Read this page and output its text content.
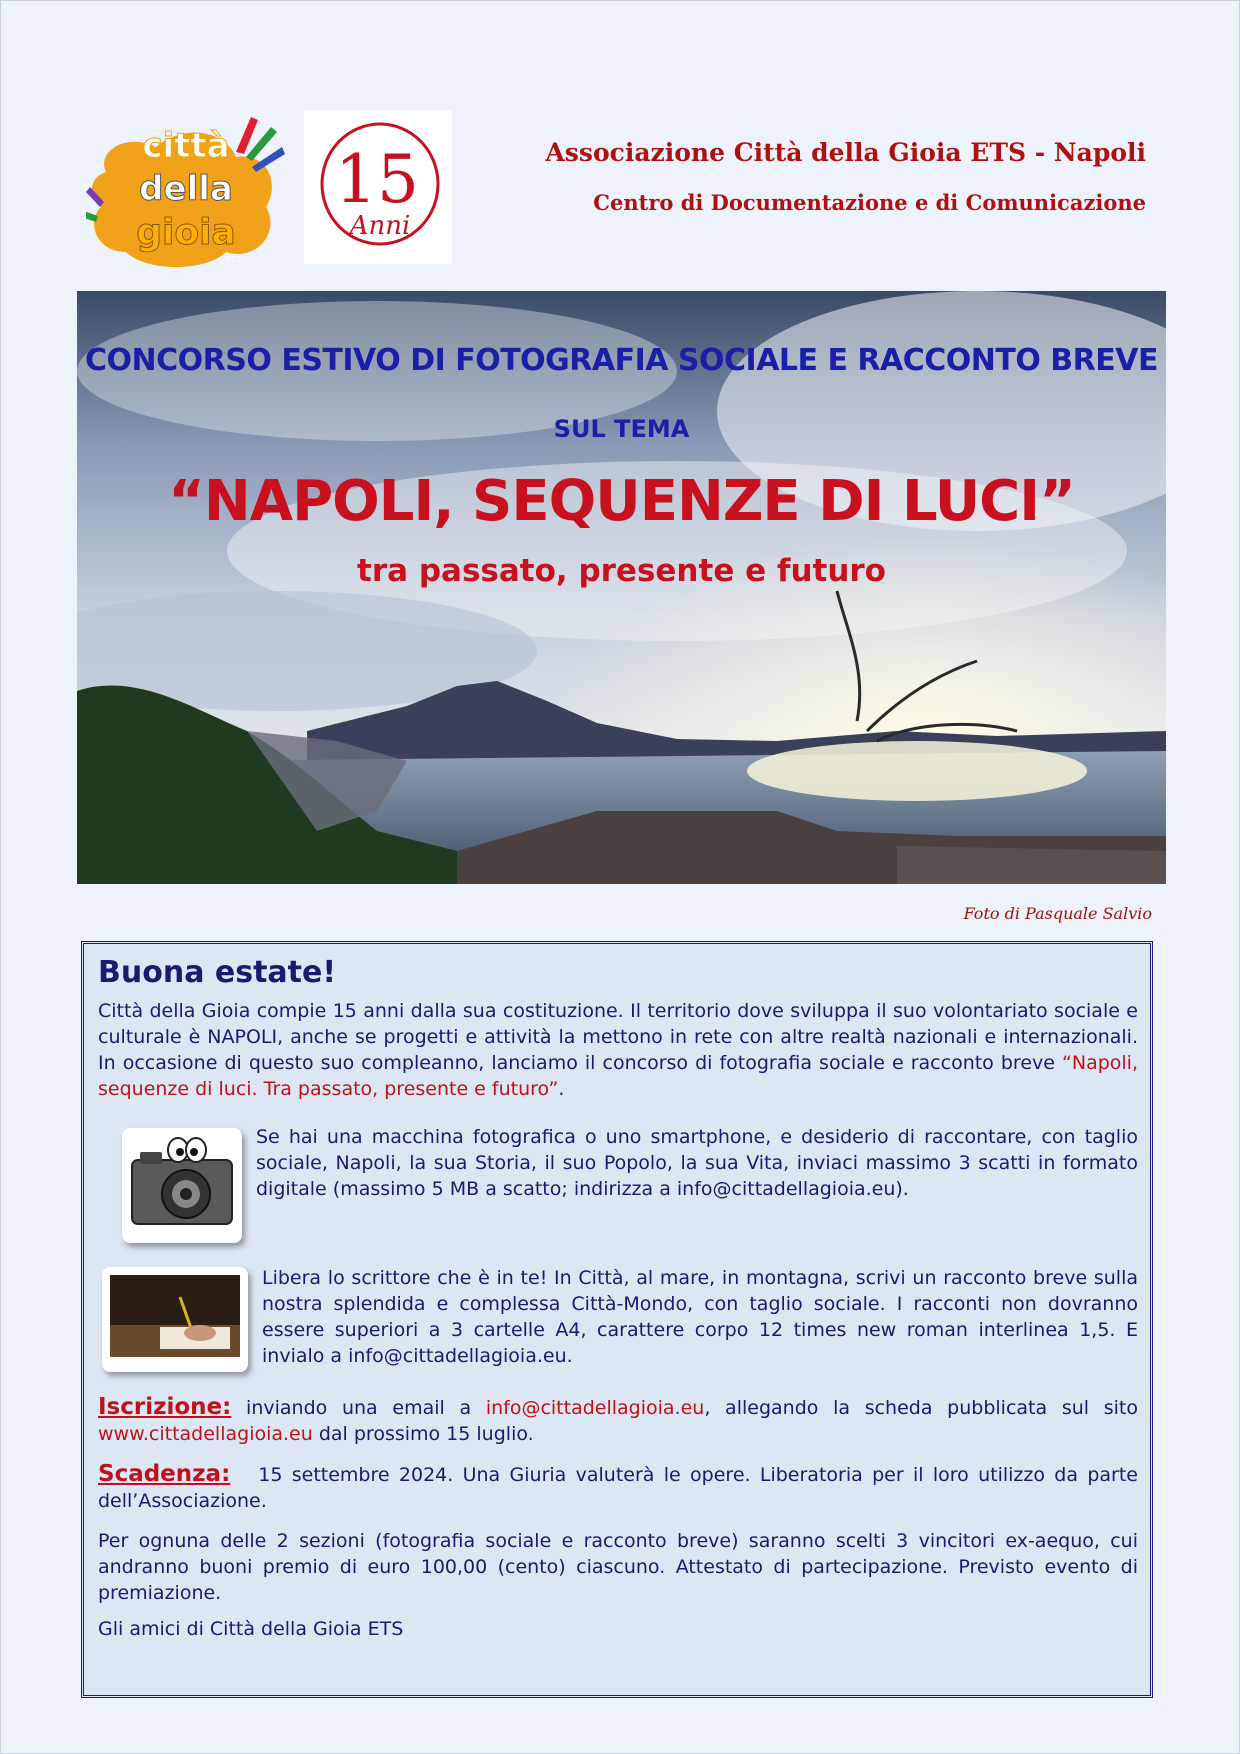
città
della
gioia
ETS
15
Anni
Associazione Città della Gioia ETS - Napoli
Centro di Documentazione e di Comunicazione
CONCORSO ESTIVO DI FOTOGRAFIA SOCIALE E RACCONTO BREVE
SUL TEMA
“NAPOLI, SEQUENZE DI LUCI”
tra passato, presente e futuro
Foto di Pasquale Salvio
Buona estate!

Città della Gioia compie 15 anni dalla sua costituzione. Il territorio dove sviluppa il suo volontariato sociale e culturale è NAPOLI, anche se progetti e attività la mettono in rete con altre realtà nazionali e internazionali. In occasione di questo suo compleanno, lanciamo il concorso di fotografia sociale e racconto breve “Napoli, sequenze di luci. Tra passato, presente e futuro”.

Se hai una macchina fotografica o uno smartphone, e desiderio di raccontare, con taglio sociale, Napoli, la sua Storia, il suo Popolo, la sua Vita, inviaci massimo 3 scatti in formato digitale (massimo 5 MB a scatto; indirizza a info@cittadellagioia.eu).
Libera lo scrittore che è in te! In Città, al mare, in montagna, scrivi un racconto breve sulla nostra splendida e complessa Città-Mondo, con taglio sociale. I racconti non dovranno essere superiori a 3 cartelle A4, carattere corpo 12 times new roman interlinea 1,5. E invialo a info@cittadellagioia.eu.

Iscrizione: inviando una email a info@cittadellagioia.eu, allegando la scheda pubblicata sul sito www.cittadellagioia.eu dal prossimo 15 luglio.

Scadenza:   15 settembre 2024. Una Giuria valuterà le opere. Liberatoria per il loro utilizzo da parte dell’Associazione.

Per ognuna delle 2 sezioni (fotografia sociale e racconto breve) saranno scelti 3 vincitori ex-aequo, cui andranno buoni premio di euro 100,00 (cento) ciascuno. Attestato di partecipazione. Previsto evento di premiazione.

Gli amici di Città della Gioia ETS
